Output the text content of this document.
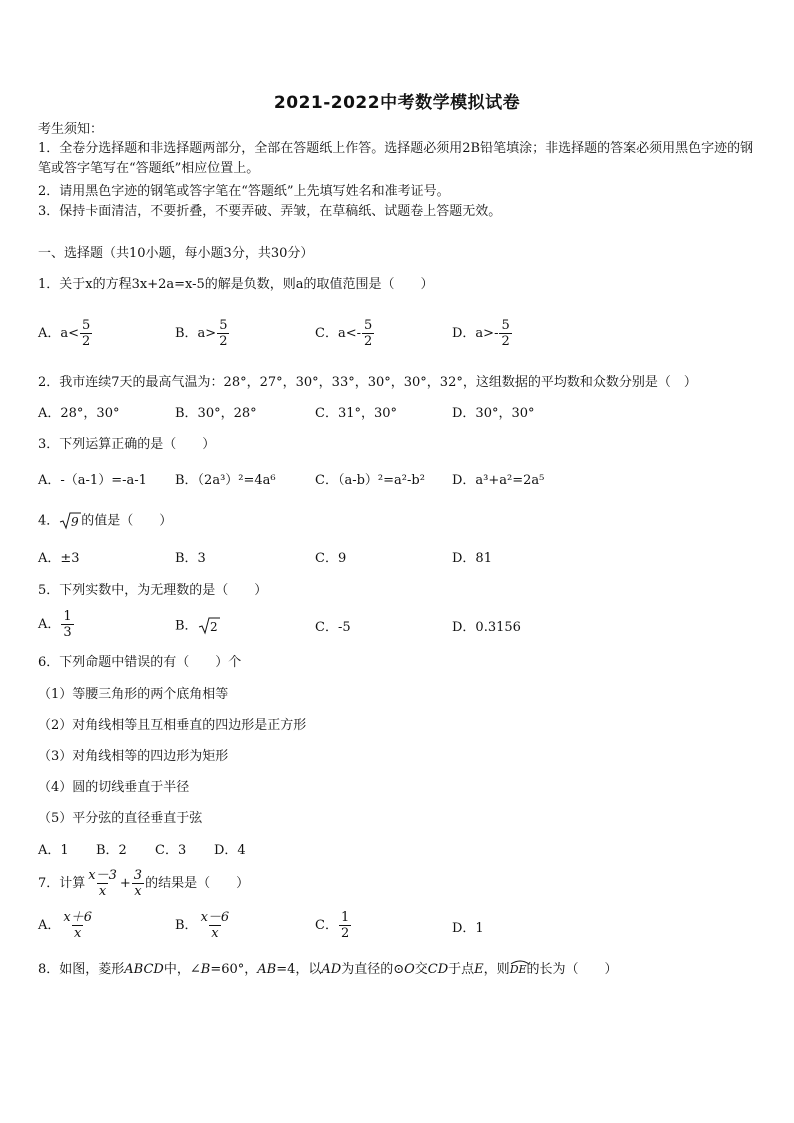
2021-2022中考数学模拟试卷
考生须知：
1．全卷分选择题和非选择题两部分，全部在答题纸上作答。选择题必须用2B铅笔填涂；非选择题的答案必须用黑色字迹的钢笔或答字笔写在“答题纸”相应位置上。
2．请用黑色字迹的钢笔或答字笔在“答题纸”上先填写姓名和准考证号。
3．保持卡面清洁，不要折叠，不要弄破、弄皱，在草稿纸、试题卷上答题无效。
一、选择题（共10小题，每小题3分，共30分）
1．关于x的方程3x+2a=x-5的解是负数，则a的取值范围是（　　）
A．$a< \frac{5}{2}$	B．$a> \frac{5}{2}$	C．$a<- \frac{5}{2}$	D．$a>- \frac{5}{2}$
2．我市连续7天的最高气温为：28°，27°，30°，33°，30°，30°，32°，这组数据的平均数和众数分别是（　）
A．28°，30°	B．30°，28°	C．31°，30°	D．30°，30°
3．下列运算正确的是（　　）
A．-（a-1）=-a-1 B．（2a³）²=4a⁶	C．（a-b）²=a²-b² D．a³+a²=2a⁵
4． 9 的值是（　　）
A．±3	B．3	C．9	D．81
5．下列实数中，为无理数的是（　　）
A． $\frac{1}{3}$	B． 2	C．-5	D．0.3156
6．下列命题中错误的有（　　）个
（1）等腰三角形的两个底角相等
（2）对角线相等且互相垂直的四边形是正方形
（3）对角线相等的四边形为矩形
（4）圆的切线垂直于半径
（5）平分弦的直径垂直于弦
A．1 B．2 C．3 D．4
7．计算 $\frac{x-3}{x} + \frac{3}{x}$ 的结果是（　　）
A． $\frac{x+6}{x}$	B． $\frac{x-6}{x}$	C． $\frac{1}{2}$	D．1
8．如图，菱形ABCD中，∠B=60°，AB=4，以AD为直径的⊙O交CD于点E，则
DE的长为（　　）
